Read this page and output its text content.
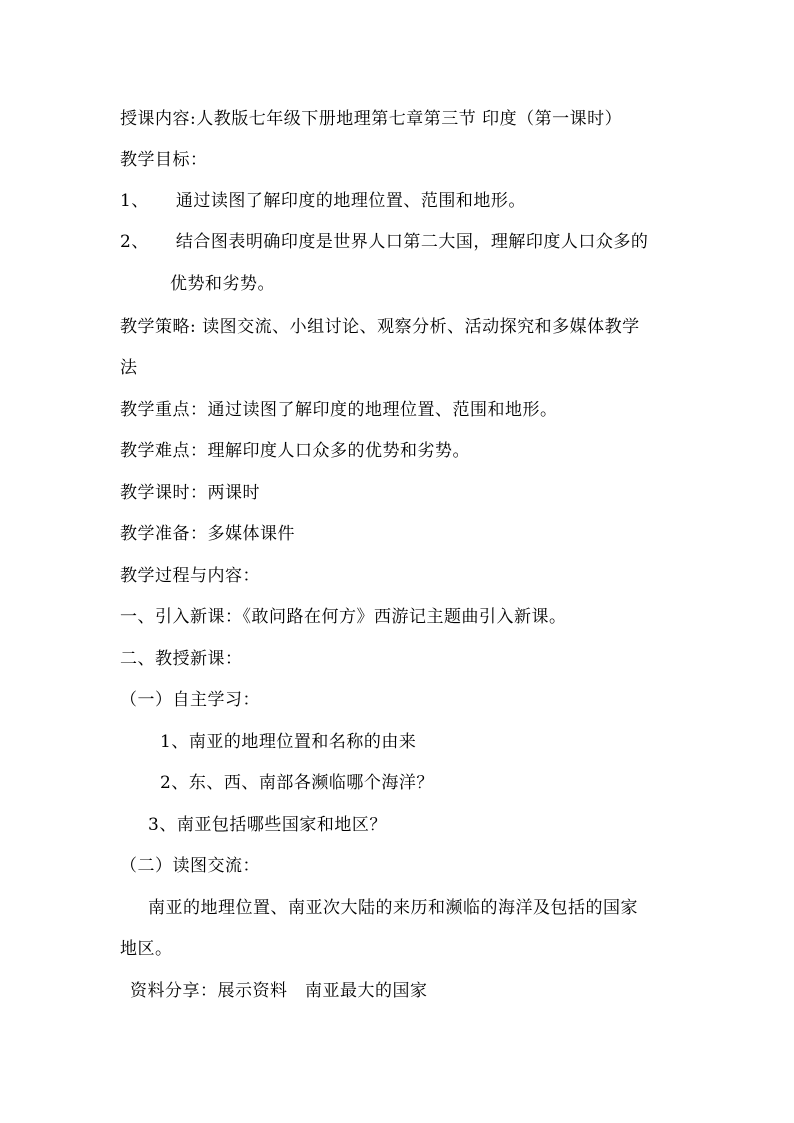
授课内容:人教版七年级下册地理第七章第三节 印度（第一课时）
教学目标：
1、 通过读图了解印度的地理位置、范围和地形。
2、 结合图表明确印度是世界人口第二大国，理解印度人口众多的
优势和劣势。
教学策略: 读图交流、小组讨论、观察分析、活动探究和多媒体教学
法
教学重点：通过读图了解印度的地理位置、范围和地形。
教学难点：理解印度人口众多的优势和劣势。
教学课时：两课时
教学准备：多媒体课件
教学过程与内容：
一、引入新课：《敢问路在何方》西游记主题曲引入新课。
二、教授新课：
（一）自主学习：
1、南亚的地理位置和名称的由来
2、东、西、南部各濒临哪个海洋？
3、南亚包括哪些国家和地区？
（二）读图交流：
南亚的地理位置、南亚次大陆的来历和濒临的海洋及包括的国家
地区。
资料分享：展示资料　南亚最大的国家
